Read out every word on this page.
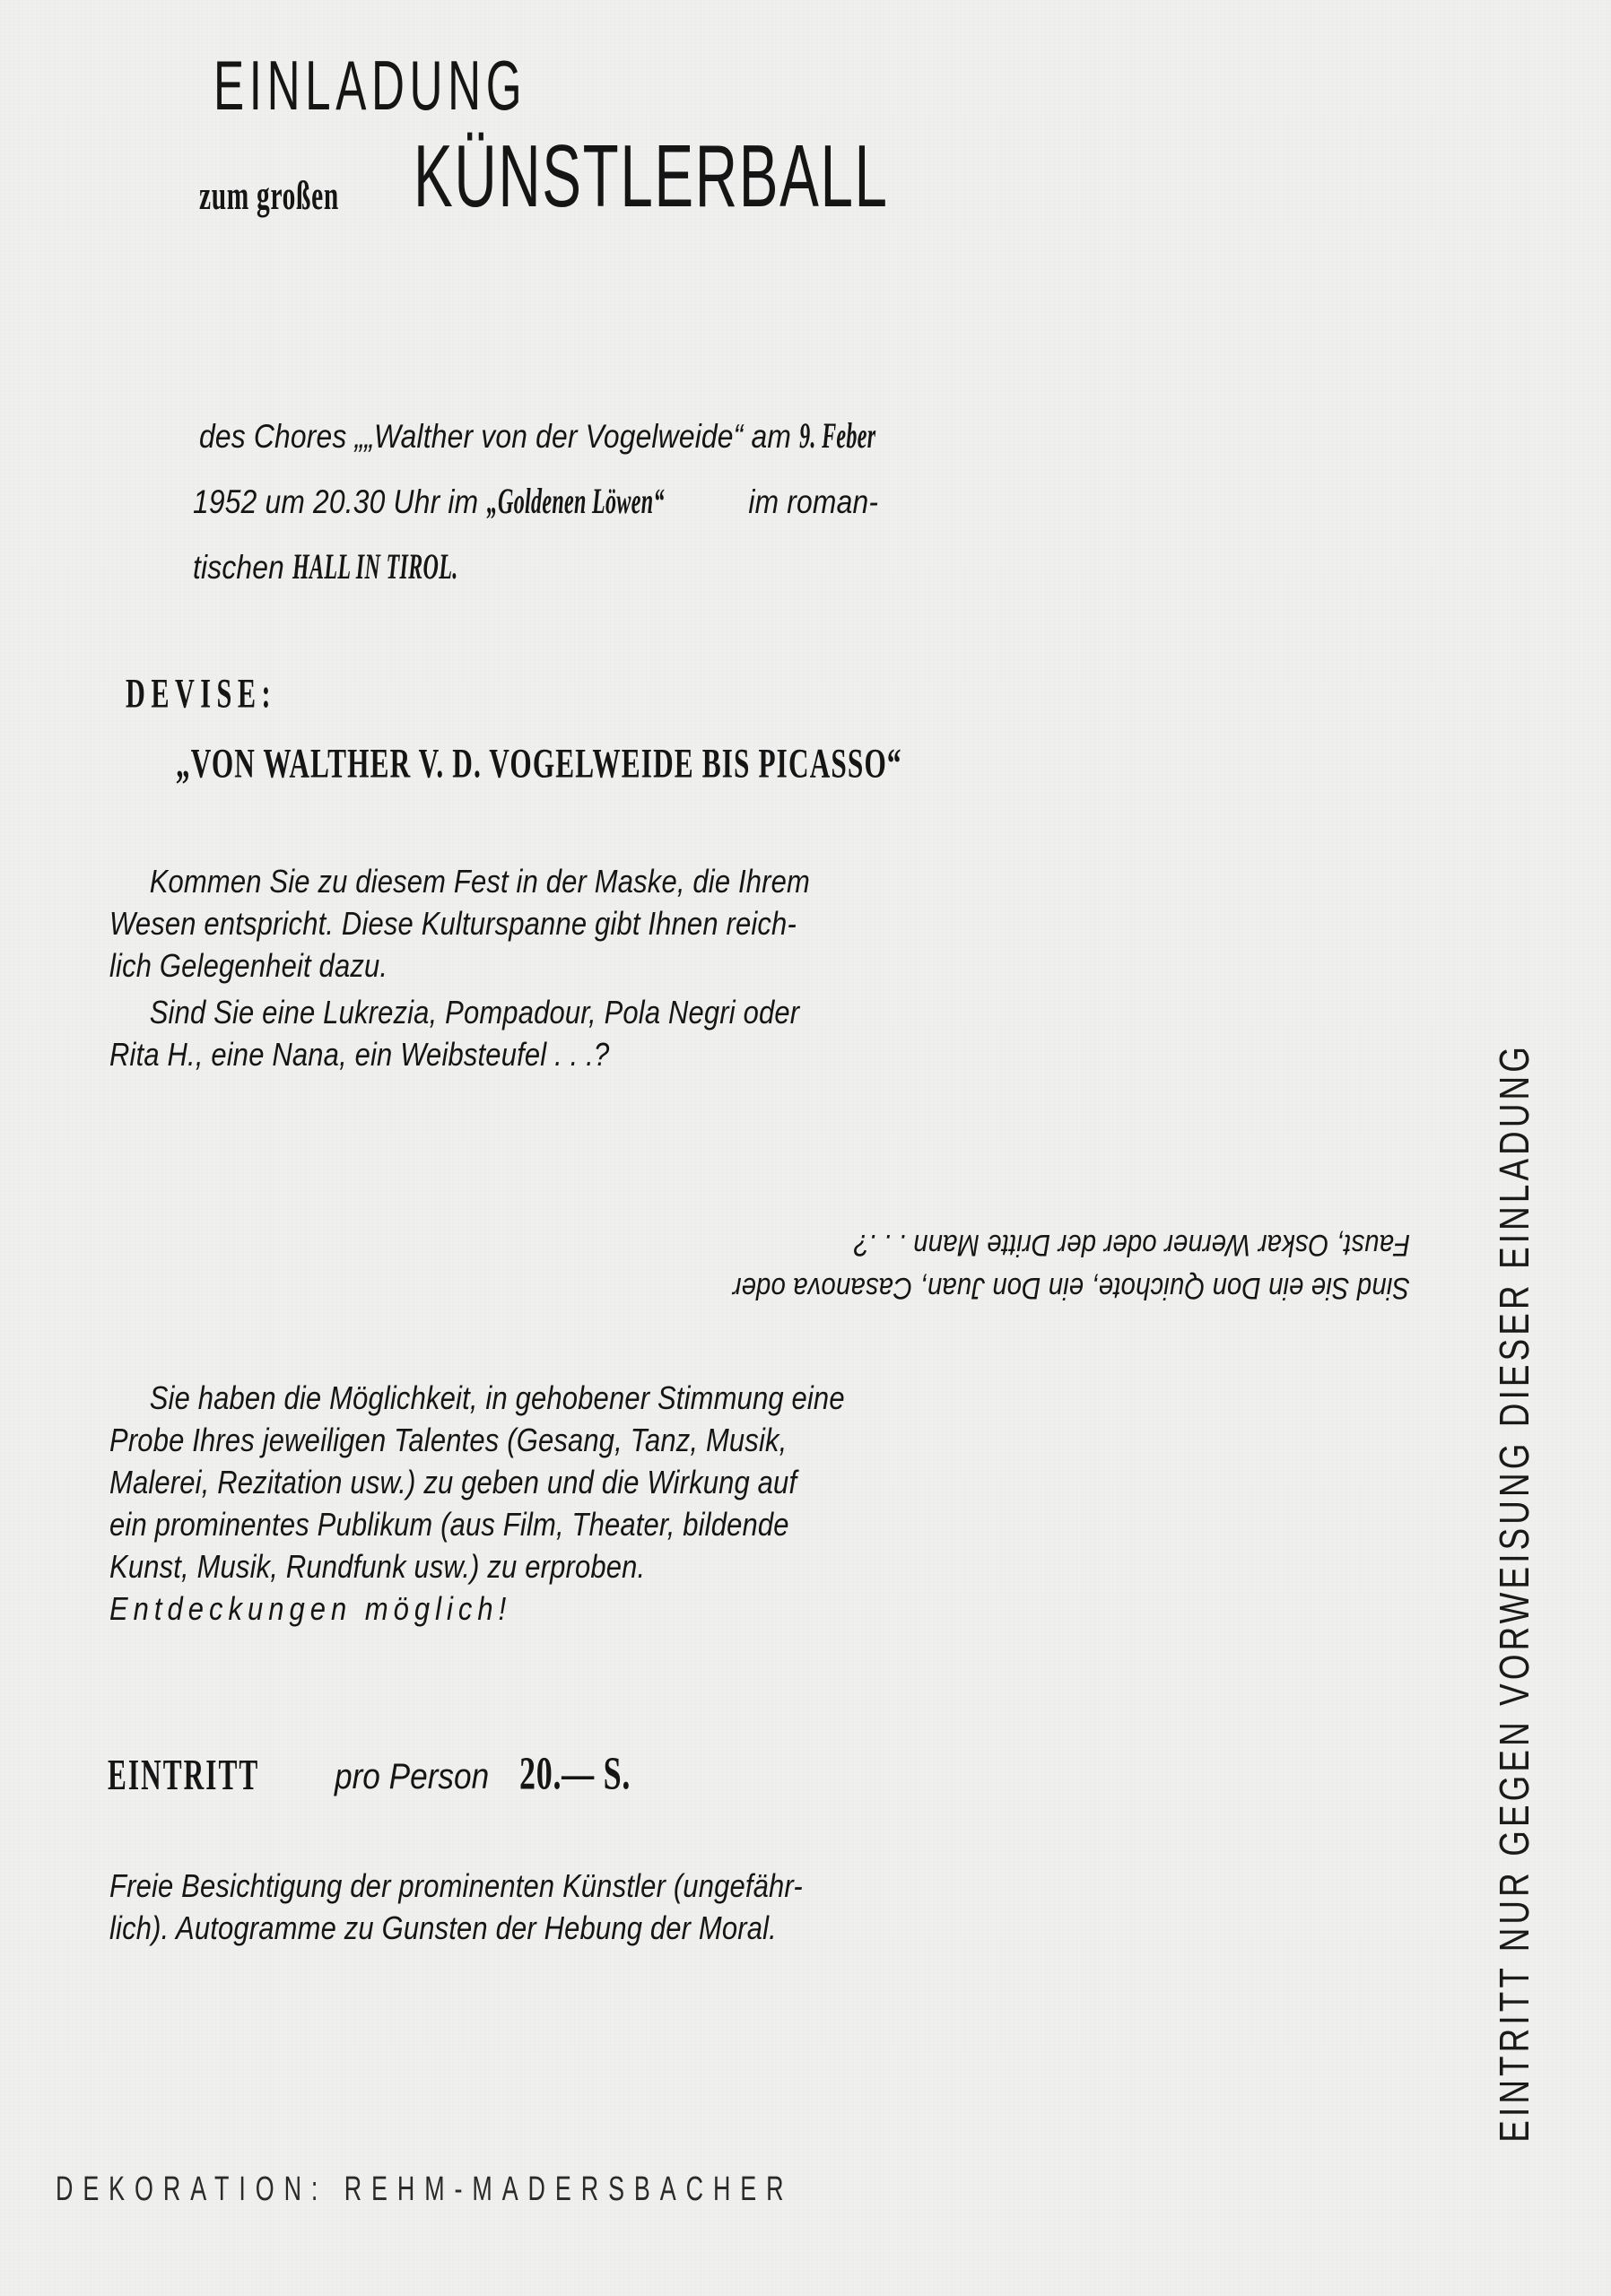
EINLADUNG
zum großen KÜNSTLERBALL
des Chores „„Walther von der Vogelweide“ am 9. Feber
1952 um 20.30 Uhr im „Goldenen Löwen“ im roman-
tischen HALL IN TIROL.
DEVISE:
„VON WALTHER V. D. VOGELWEIDE BIS PICASSO“
Kommen Sie zu diesem Fest in der Maske, die Ihrem
Wesen entspricht. Diese Kulturspanne gibt Ihnen reich-
lich Gelegenheit dazu.
Sind Sie eine Lukrezia, Pompadour, Pola Negri oder
Rita H., eine Nana, ein Weibsteufel . . .?
Sind Sie ein Don Quichote, ein Don Juan, Casanova oder
Faust, Oskar Werner oder der Dritte Mann . . .?
Sie haben die Möglichkeit, in gehobener Stimmung eine
Probe Ihres jeweiligen Talentes (Gesang, Tanz, Musik,
Malerei, Rezitation usw.) zu geben und die Wirkung auf
ein prominentes Publikum (aus Film, Theater, bildende
Kunst, Musik, Rundfunk usw.) zu erproben.
Entdeckungen möglich!
EINTRITT pro Person 20.— S.
Freie Besichtigung der prominenten Künstler (ungefähr-
lich). Autogramme zu Gunsten der Hebung der Moral.
DEKORATION: REHM-MADERSBACHER
EINTRITT NUR GEGEN VORWEISUNG DIESER EINLADUNG
